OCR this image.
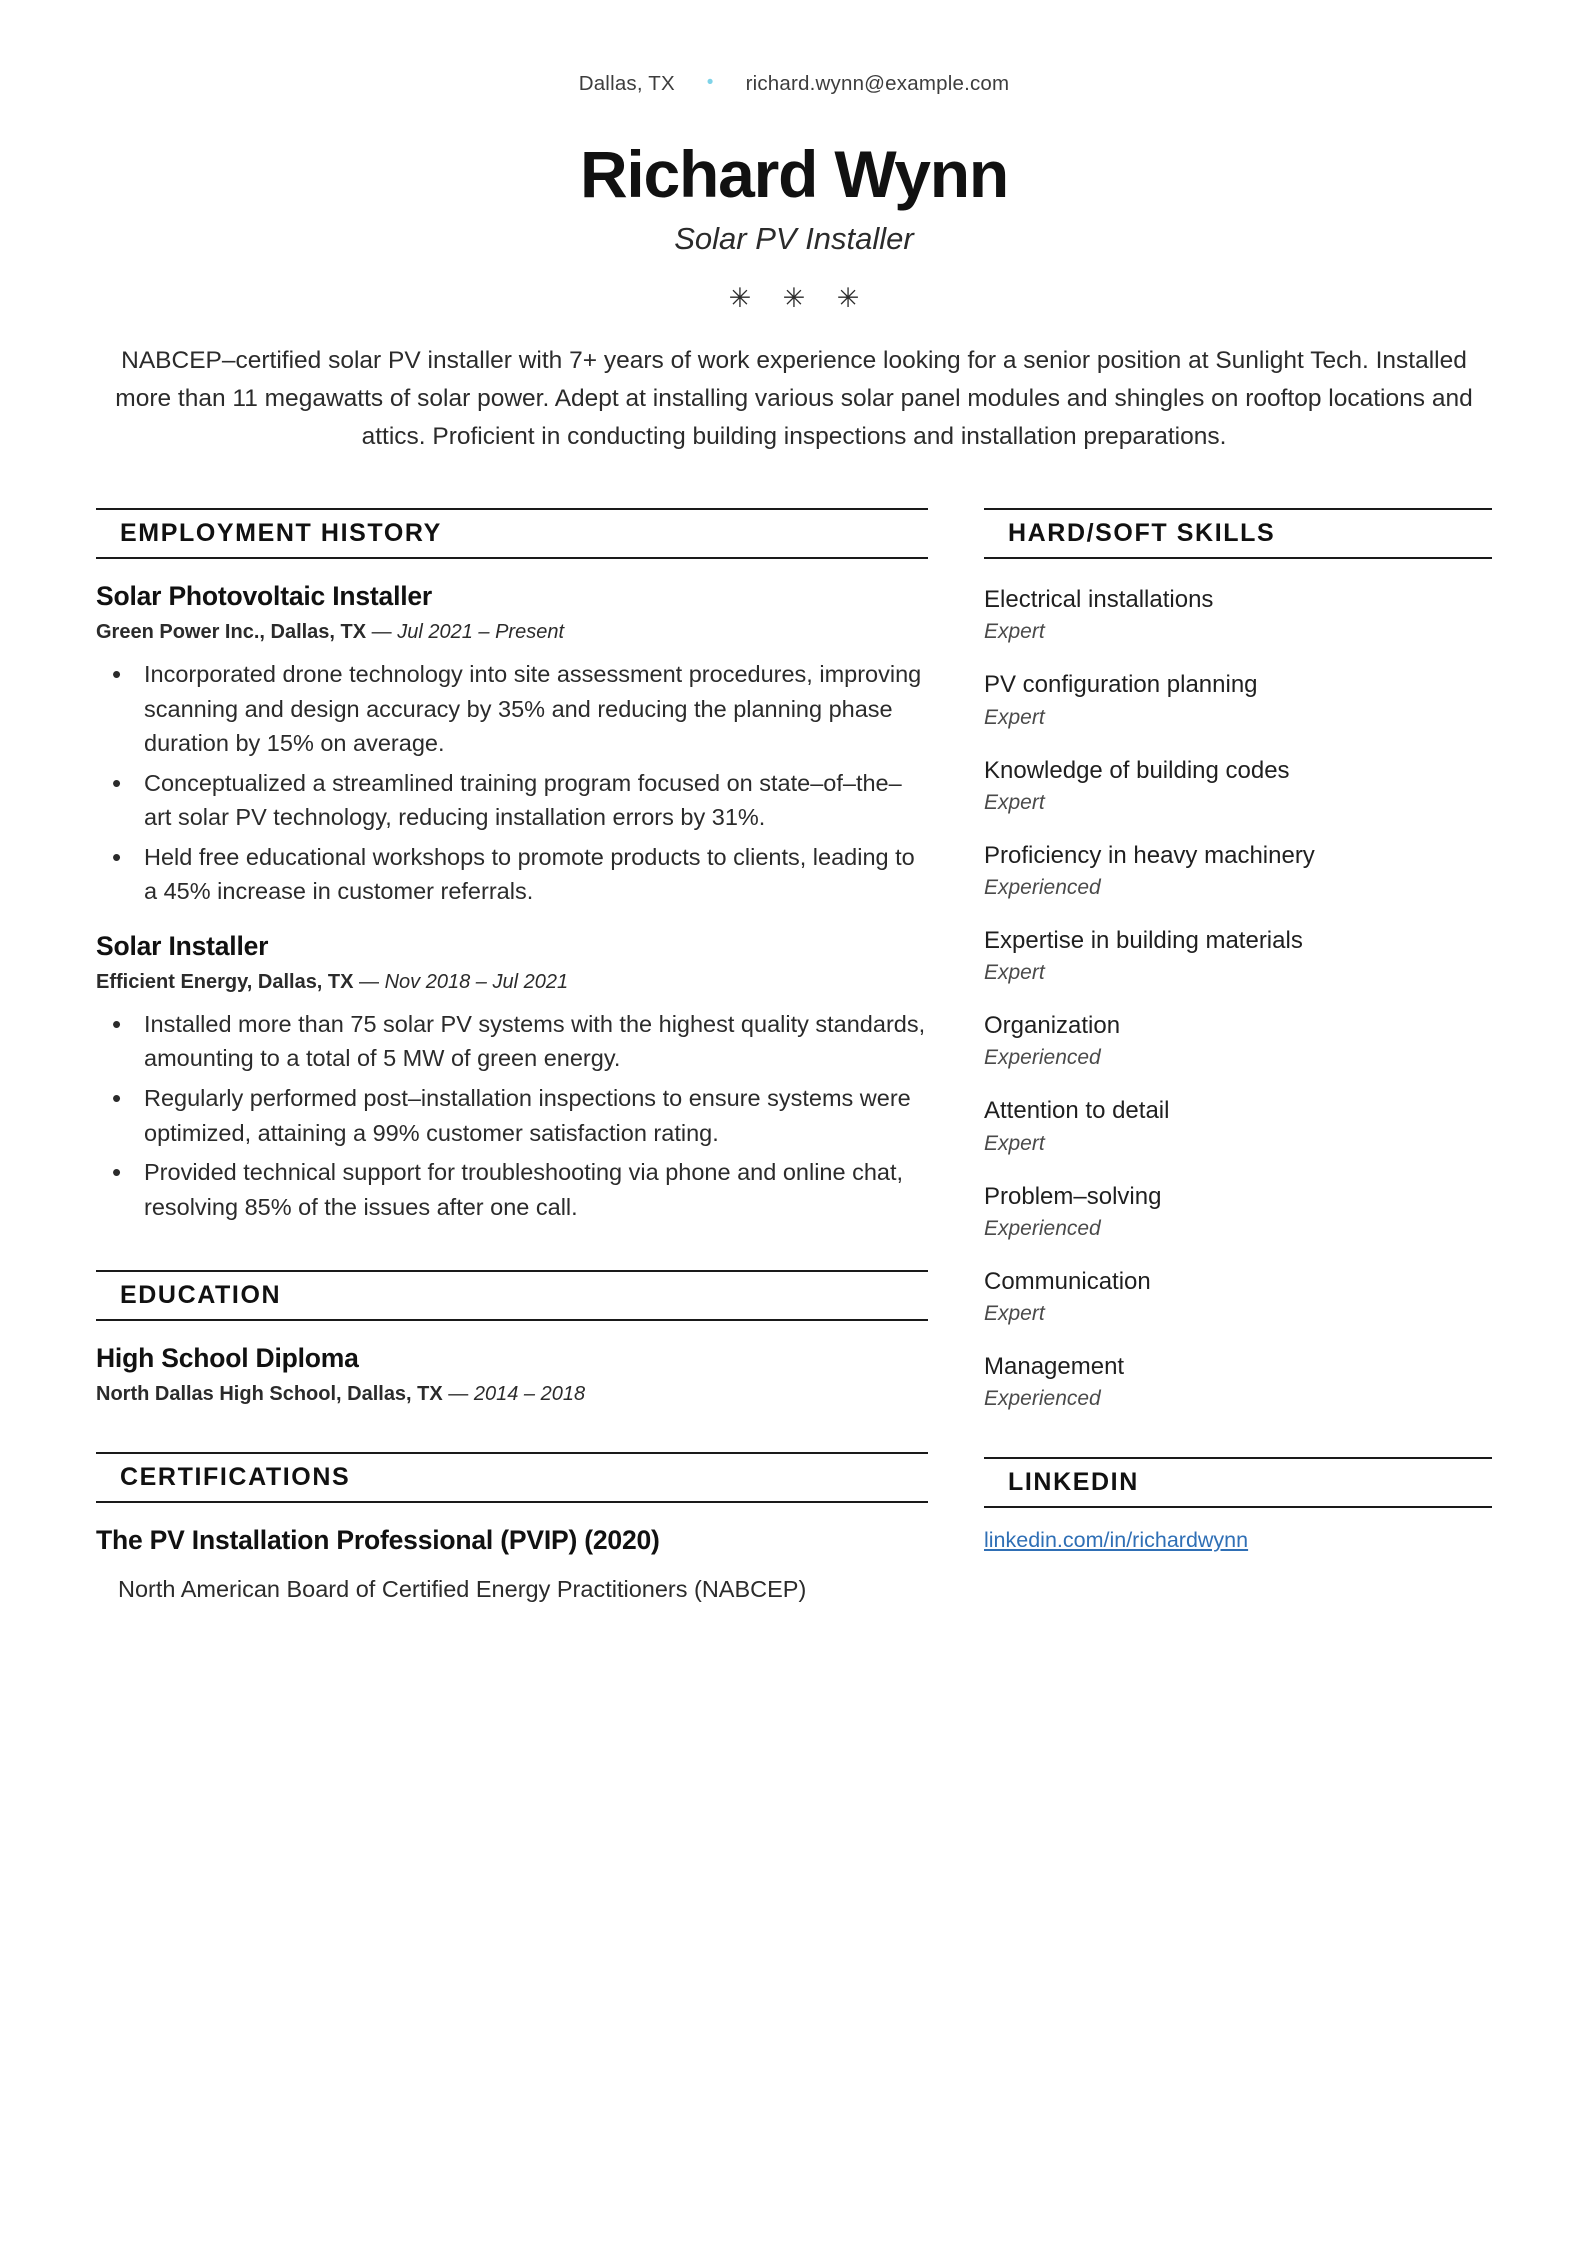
Dallas, TX • richard.wynn@example.com
Richard Wynn
Solar PV Installer
✳ ✳ ✳
NABCEP–certified solar PV installer with 7+ years of work experience looking for a senior position at Sunlight Tech. Installed more than 11 megawatts of solar power. Adept at installing various solar panel modules and shingles on rooftop locations and attics. Proficient in conducting building inspections and installation preparations.
EMPLOYMENT HISTORY
Solar Photovoltaic Installer
Green Power Inc., Dallas, TX — Jul 2021 – Present
• Incorporated drone technology into site assessment procedures, improving scanning and design accuracy by 35% and reducing the planning phase duration by 15% on average.
• Conceptualized a streamlined training program focused on state–of–the–art solar PV technology, reducing installation errors by 31%.
• Held free educational workshops to promote products to clients, leading to a 45% increase in customer referrals.
Solar Installer
Efficient Energy, Dallas, TX — Nov 2018 – Jul 2021
• Installed more than 75 solar PV systems with the highest quality standards, amounting to a total of 5 MW of green energy.
• Regularly performed post–installation inspections to ensure systems were optimized, attaining a 99% customer satisfaction rating.
• Provided technical support for troubleshooting via phone and online chat, resolving 85% of the issues after one call.
EDUCATION
High School Diploma
North Dallas High School, Dallas, TX — 2014 – 2018
CERTIFICATIONS
The PV Installation Professional (PVIP) (2020)
North American Board of Certified Energy Practitioners (NABCEP)
HARD/SOFT SKILLS
Electrical installations
Expert
PV configuration planning
Expert
Knowledge of building codes
Expert
Proficiency in heavy machinery
Experienced
Expertise in building materials
Expert
Organization
Experienced
Attention to detail
Expert
Problem–solving
Experienced
Communication
Expert
Management
Experienced
LINKEDIN
linkedin.com/in/richardwynn
